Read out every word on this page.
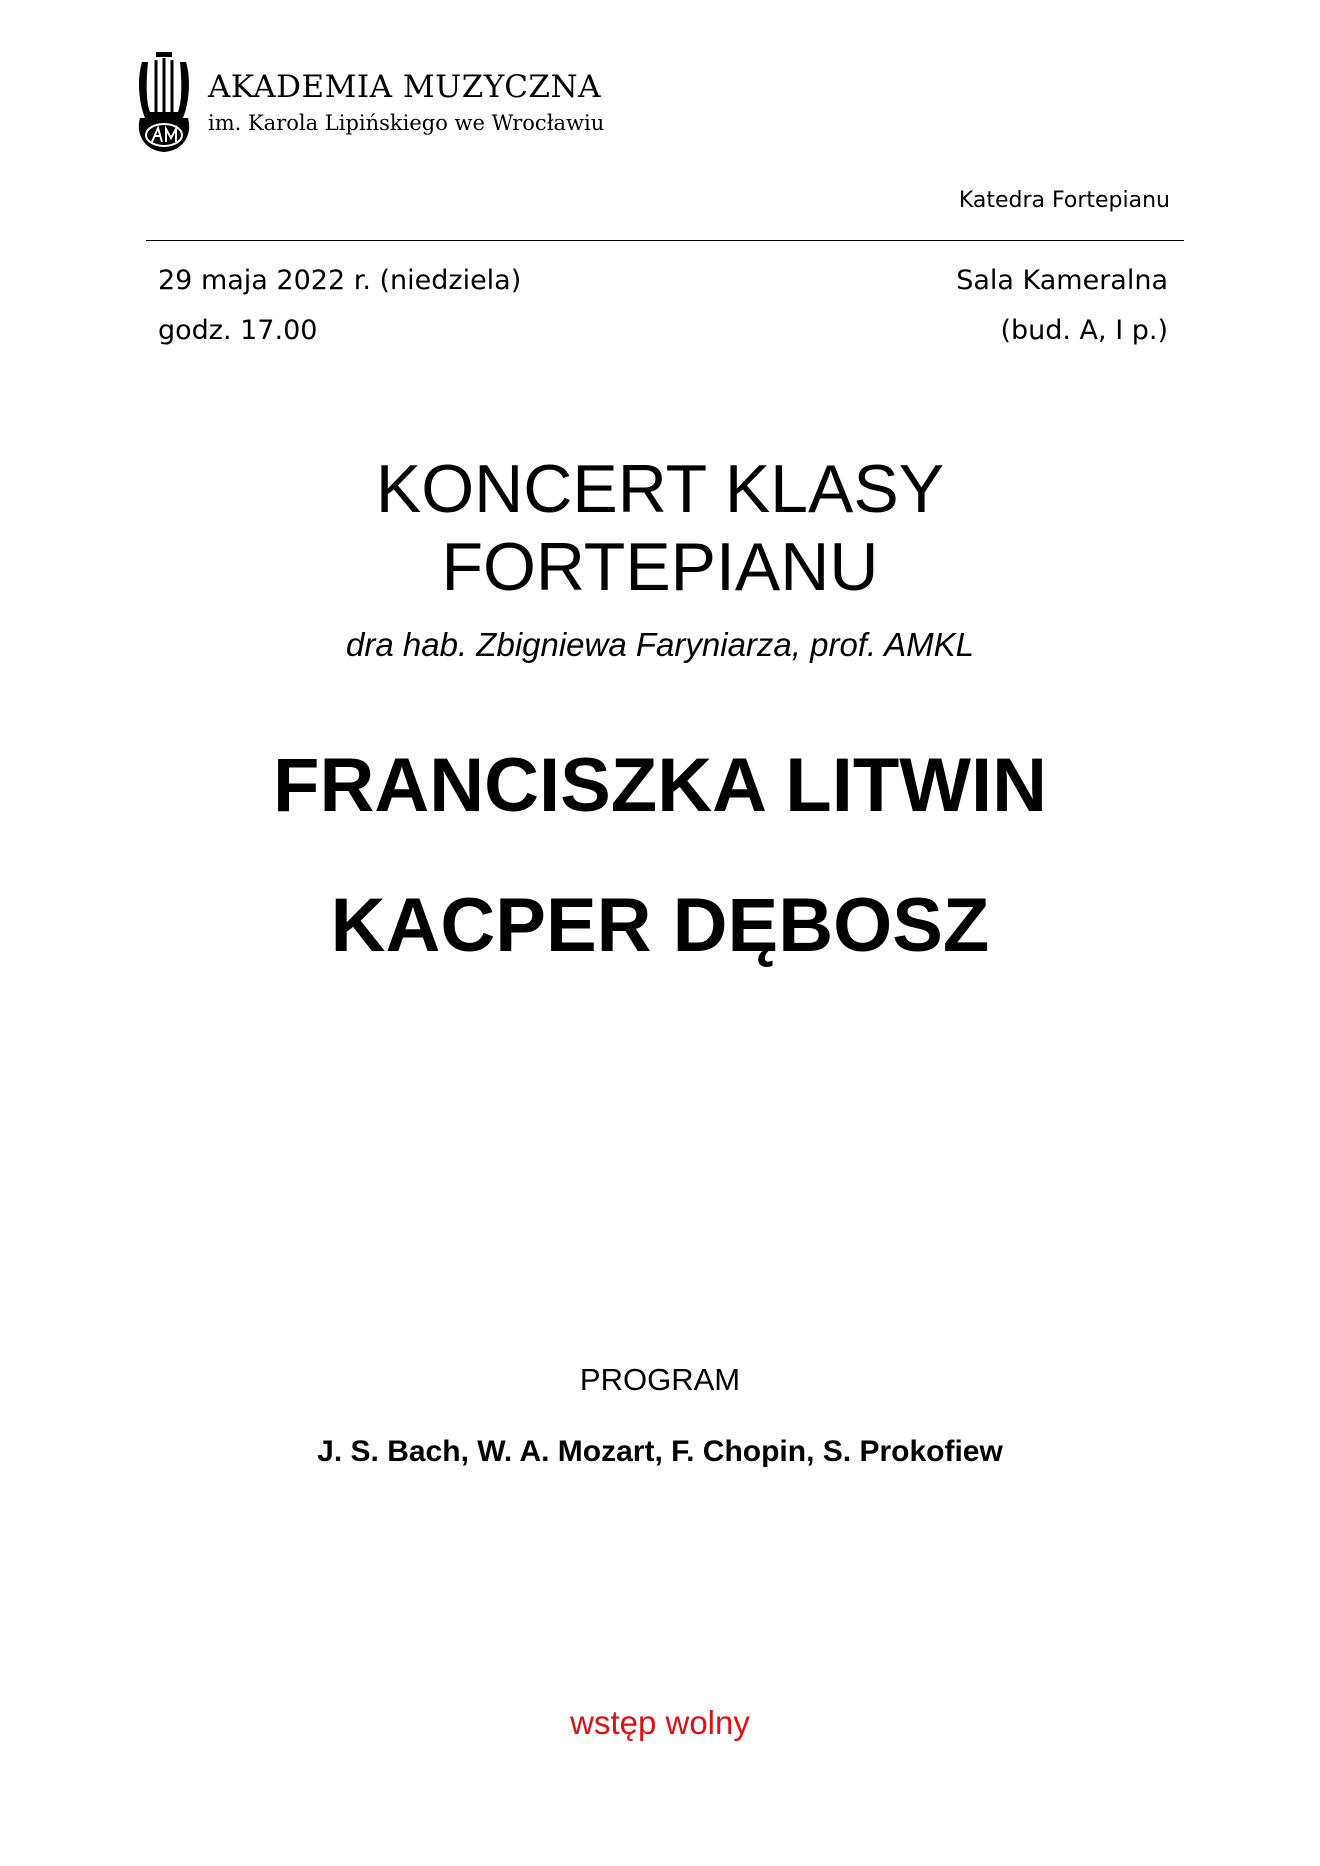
AKADEMIA MUZYCZNA
im. Karola Lipińskiego we Wrocławiu
Katedra Fortepianu
29 maja 2022 r. (niedziela)
godz. 17.00
Sala Kameralna
(bud. A, I p.)
KONCERT KLASY
FORTEPIANU
dra hab. Zbigniewa Faryniarza, prof. AMKL
FRANCISZKA LITWIN
KACPER DĘBOSZ
PROGRAM
J. S. Bach, W. A. Mozart, F. Chopin, S. Prokofiew
wstęp wolny
